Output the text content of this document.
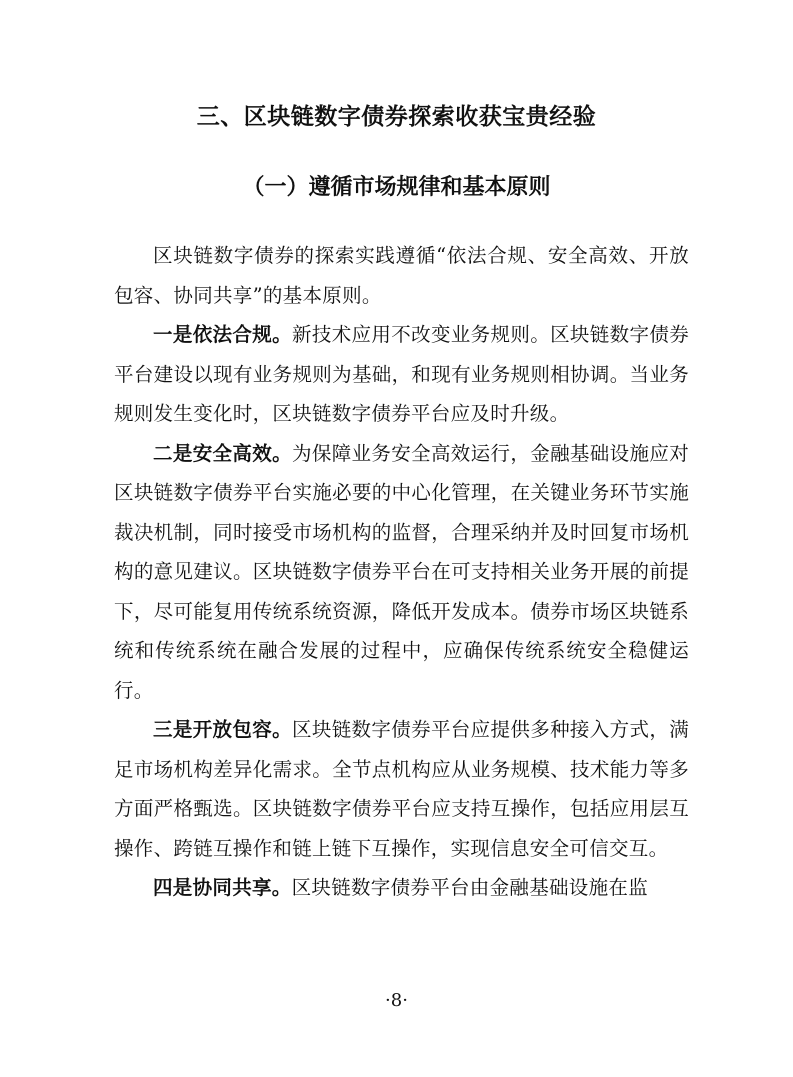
三、区块链数字债券探索收获宝贵经验
（一）遵循市场规律和基本原则

区块链数字债券的探索实践遵循“依法合规、安全高效、开放包容、协同共享”的基本原则。

一是依法合规。新技术应用不改变业务规则。区块链数字债券平台建设以现有业务规则为基础，和现有业务规则相协调。当业务规则发生变化时，区块链数字债券平台应及时升级。

二是安全高效。为保障业务安全高效运行，金融基础设施应对区块链数字债券平台实施必要的中心化管理，在关键业务环节实施裁决机制，同时接受市场机构的监督，合理采纳并及时回复市场机构的意见建议。区块链数字债券平台在可支持相关业务开展的前提下，尽可能复用传统系统资源，降低开发成本。债券市场区块链系统和传统系统在融合发展的过程中，应确保传统系统安全稳健运行。

三是开放包容。区块链数字债券平台应提供多种接入方式，满足市场机构差异化需求。全节点机构应从业务规模、技术能力等多方面严格甄选。区块链数字债券平台应支持互操作，包括应用层互操作、跨链互操作和链上链下互操作，实现信息安全可信交互。

四是协同共享。区块链数字债券平台由金融基础设施在监

·8·
